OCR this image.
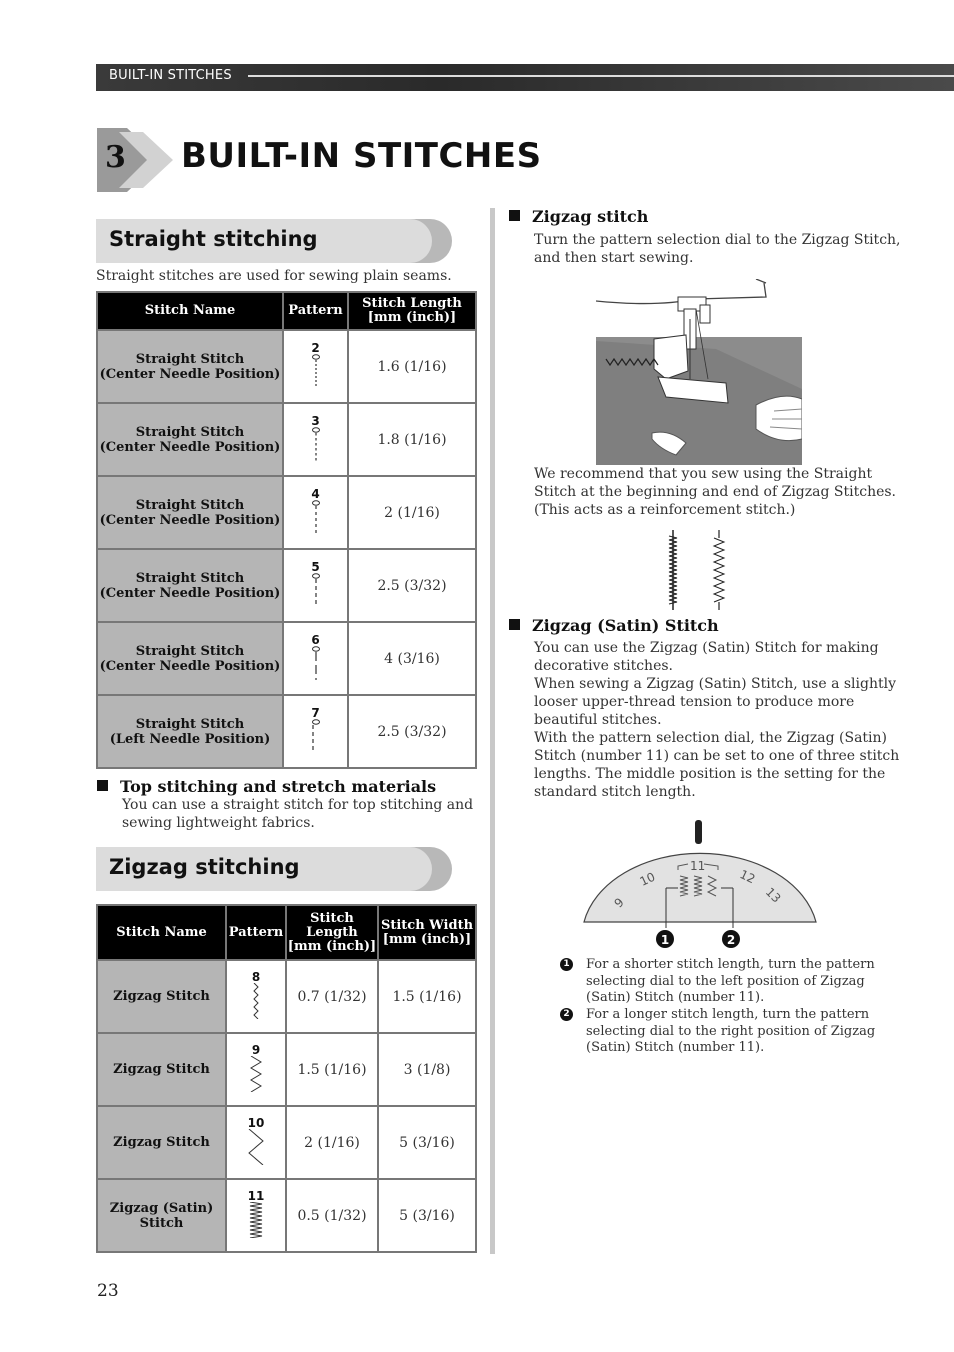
BUILT-IN STITCHES
3 BUILT-IN STITCHES
Straight stitching
Straight stitches are used for sewing plain seams.
Stitch Name	Pattern	Stitch Length
[mm (inch)]
Straight Stitch
(Center Needle Position)	2	1.6 (1/16)
Straight Stitch
(Center Needle Position)	3	1.8 (1/16)
Straight Stitch
(Center Needle Position)	4	2 (1/16)
Straight Stitch
(Center Needle Position)	5	2.5 (3/32)
Straight Stitch
(Center Needle Position)	6	4 (3/16)
Straight Stitch
(Left Needle Position)	7	2.5 (3/32)
Top stitching and stretch materials
You can use a straight stitch for top stitching and
sewing lightweight fabrics.
Zigzag stitching
Stitch Name	Pattern	Stitch
Length
[mm (inch)]	Stitch Width
[mm (inch)]
Zigzag Stitch	8	0.7 (1/32)	1.5 (1/16)
Zigzag Stitch	9	1.5 (1/16)	3 (1/8)
Zigzag Stitch	10	2 (1/16)	5 (3/16)
Zigzag (Satin)
Stitch	11	0.5 (1/32)	5 (3/16)
Zigzag stitch
Turn the pattern selection dial to the Zigzag Stitch,
and then start sewing.
We recommend that you sew using the Straight
Stitch at the beginning and end of Zigzag Stitches.
(This acts as a reinforcement stitch.)
Zigzag (Satin) Stitch
You can use the Zigzag (Satin) Stitch for making
decorative stitches.
When sewing a Zigzag (Satin) Stitch, use a slightly
looser upper-thread tension to produce more
beautiful stitches.
With the pattern selection dial, the Zigzag (Satin)
Stitch (number 11) can be set to one of three stitch
lengths. The middle position is the setting for the
standard stitch length.
9
10
11
12
13
1	2
1 For a shorter stitch length, turn the pattern
selecting dial to the left position of Zigzag
(Satin) Stitch (number 11).
2 For a longer stitch length, turn the pattern
selecting dial to the right position of Zigzag
(Satin) Stitch (number 11).
23
